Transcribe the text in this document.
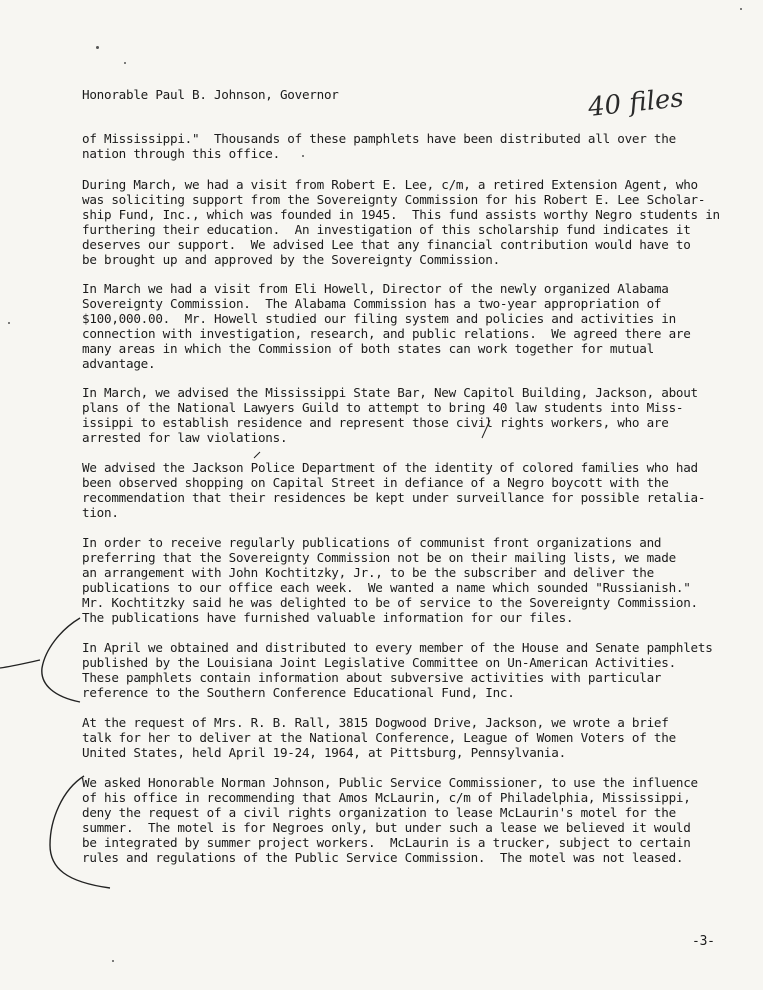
Honorable Paul B. Johnson, Governor	40 files
of Mississippi."  Thousands of these pamphlets have been distributed all over the
nation through this office.
During March, we had a visit from Robert E. Lee, c/m, a retired Extension Agent, who
was soliciting support from the Sovereignty Commission for his Robert E. Lee Scholar-
ship Fund, Inc., which was founded in 1945.  This fund assists worthy Negro students in
furthering their education.  An investigation of this scholarship fund indicates it
deserves our support.  We advised Lee that any financial contribution would have to
be brought up and approved by the Sovereignty Commission.
In March we had a visit from Eli Howell, Director of the newly organized Alabama
Sovereignty Commission.  The Alabama Commission has a two-year appropriation of
$100,000.00.  Mr. Howell studied our filing system and policies and activities in
connection with investigation, research, and public relations.  We agreed there are
many areas in which the Commission of both states can work together for mutual
advantage.
In March, we advised the Mississippi State Bar, New Capitol Building, Jackson, about
plans of the National Lawyers Guild to attempt to bring 40 law students into Miss-
issippi to establish residence and represent those civil rights workers, who are
arrested for law violations.
We advised the Jackson Police Department of the identity of colored families who had
been observed shopping on Capital Street in defiance of a Negro boycott with the
recommendation that their residences be kept under surveillance for possible retalia-
tion.
In order to receive regularly publications of communist front organizations and
preferring that the Sovereignty Commission not be on their mailing lists, we made
an arrangement with John Kochtitzky, Jr., to be the subscriber and deliver the
publications to our office each week.  We wanted a name which sounded "Russianish."
Mr. Kochtitzky said he was delighted to be of service to the Sovereignty Commission.
The publications have furnished valuable information for our files.
In April we obtained and distributed to every member of the House and Senate pamphlets
published by the Louisiana Joint Legislative Committee on Un-American Activities.
These pamphlets contain information about subversive activities with particular
reference to the Southern Conference Educational Fund, Inc.
At the request of Mrs. R. B. Rall, 3815 Dogwood Drive, Jackson, we wrote a brief
talk for her to deliver at the National Conference, League of Women Voters of the
United States, held April 19-24, 1964, at Pittsburg, Pennsylvania.
We asked Honorable Norman Johnson, Public Service Commissioner, to use the influence
of his office in recommending that Amos McLaurin, c/m of Philadelphia, Mississippi,
deny the request of a civil rights organization to lease McLaurin's motel for the
summer.  The motel is for Negroes only, but under such a lease we believed it would
be integrated by summer project workers.  McLaurin is a trucker, subject to certain
rules and regulations of the Public Service Commission.  The motel was not leased.
-3-
